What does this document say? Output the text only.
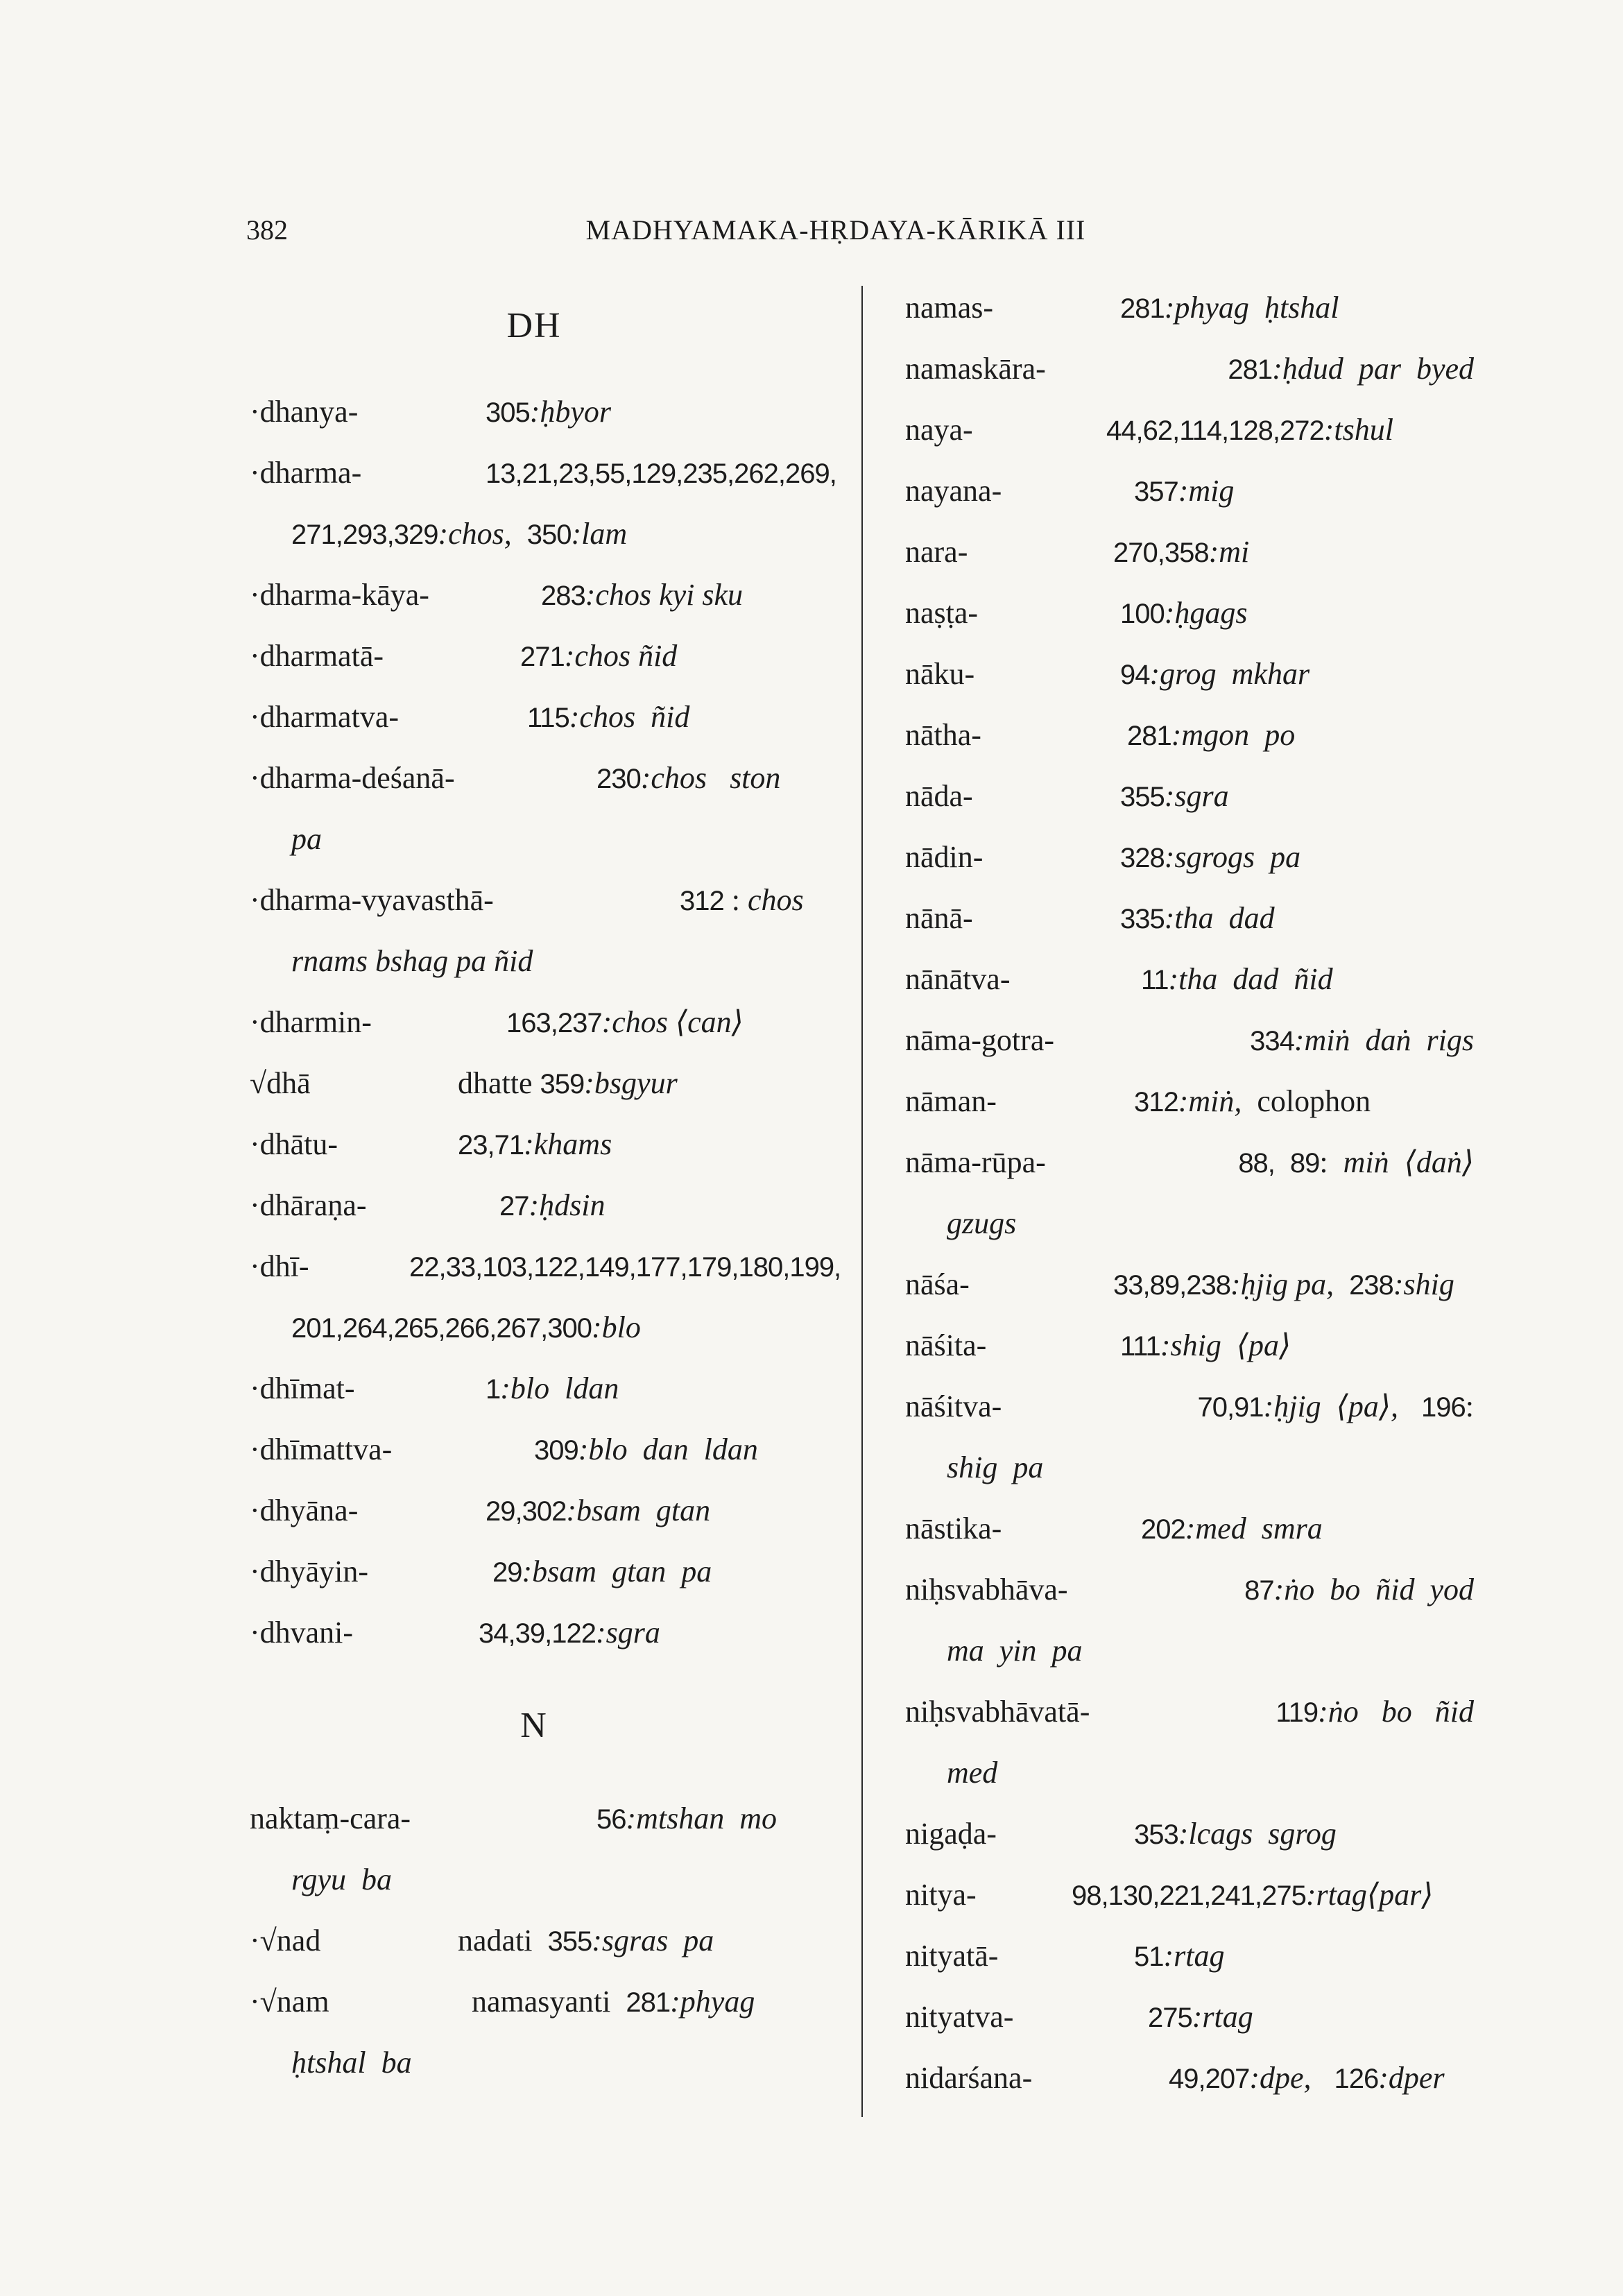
382	MADHYAMAKA-HṚDAYA-KĀRIKĀ III
DH
·dhanya-	305:ḥbyor
·dharma-	13,21,23,55,129,235,262,269,
271,293,329:chos, 350:lam
·dharma-kāya-	283:chos kyi sku
·dharmatā-	271:chos ñid
·dharmatva-	115:chos ñid
·dharma-deśanā-	230:chos ston
pa
·dharma-vyavasthā-	312 : chos
rnams bshag pa ñid
·dharmin-	163,237:chos ⟨can⟩
√dhā	dhatte 359:bsgyur
·dhātu-	23,71:khams
·dhāraṇa-	27:ḥdsin
·dhī-	22,33,103,122,149,177,179,180,199,
201,264,265,266,267,300:blo
·dhīmat-	1:blo ldan
·dhīmattva-	309:blo dan ldan
·dhyāna-	29,302:bsam gtan
·dhyāyin-	29:bsam gtan pa
·dhvani-	34,39,122:sgra
N
naktaṃ-cara-	56:mtshan mo
rgyu ba
·√nad	nadati 355:sgras pa
·√nam	namasyanti 281:phyag
ḥtshal ba
namas-	281:phyag ḥtshal
namaskāra-	281:ḥdud par byed
naya-	44,62,114,128,272:tshul
nayana-	357:mig
nara-	270,358:mi
naṣṭa-	100:ḥgags
nāku-	94:grog mkhar
nātha-	281:mgon po
nāda-	355:sgra
nādin-	328:sgrogs pa
nānā-	335:tha dad
nānātva-	11:tha dad ñid
nāma-gotra-	334:miṅ daṅ rigs
nāman-	312:miṅ, colophon
nāma-rūpa-	88, 89: miṅ ⟨daṅ⟩
gzugs
nāśa-	33,89,238:ḥjig pa, 238:shig
nāśita-	111:shig ⟨pa⟩
nāśitva-	70,91:ḥjig ⟨pa⟩, 196:
shig pa
nāstika-	202:med smra
niḥsvabhāva-	87:ṅo bo ñid yod
ma yin pa
niḥsvabhāvatā-	119:ṅo bo ñid
med
nigaḍa-	353:lcags sgrog
nitya-	98,130,221,241,275:rtag⟨par⟩
nityatā-	51:rtag
nityatva-	275:rtag
nidarśana-	49,207:dpe, 126:dper
